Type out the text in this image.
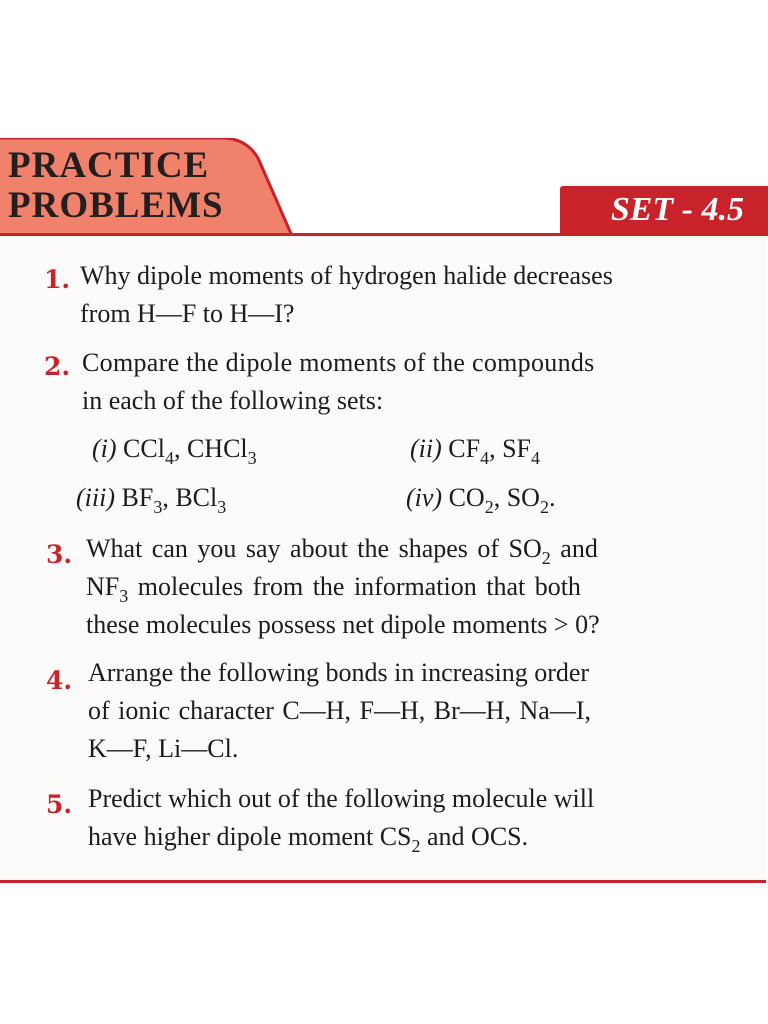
PRACTICE
PROBLEMS	SET - 4.5
1. Why dipole moments of hydrogen halide decreases
from H—F to H—I?
2. Compare the dipole moments of the compounds
in each of the following sets:
(i) CCl$_4$, CHCl$_3$	(ii) $CF_4$, $SF_4$
(iii) $BF_3$, BCl$_3$	(iv) $CO_2$, $SO_2$.
3. What can you say about the shapes of $SO_2$ and
$NF_3$ molecules from the information that both
these molecules possess net dipole moments > 0?
4. Arrange the following bonds in increasing order
of ionic character C—H, F—H, Br—H, Na—I,
K—F, Li—Cl.
5. Predict which out of the following molecule will
have higher dipole moment $CS_2$ and OCS.
